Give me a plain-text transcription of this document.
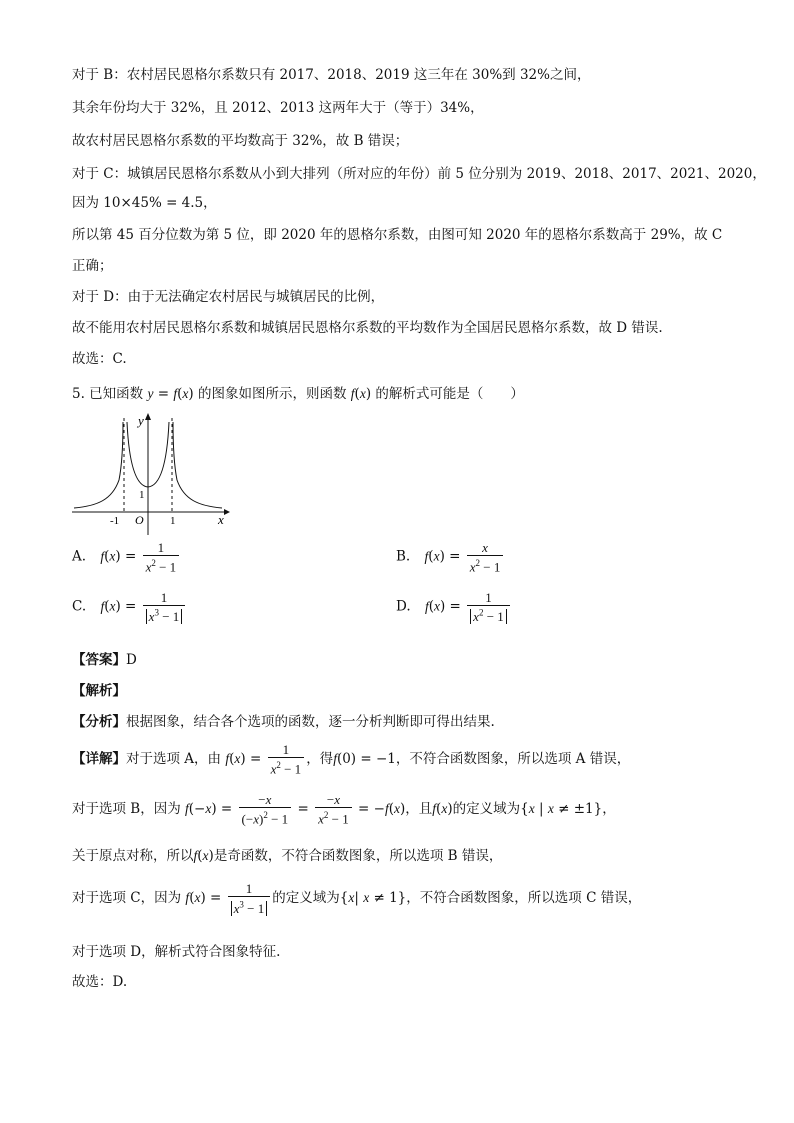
对于 B：农村居民恩格尔系数只有 2017、2018、2019 这三年在 30%到 32%之间，
其余年份均大于 32%，且 2012、2013 这两年大于（等于）34%，
故农村居民恩格尔系数的平均数高于 32%，故 B 错误；
对于 C：城镇居民恩格尔系数从小到大排列（所对应的年份）前 5 位分别为 2019、2018、2017、2021、2020，
因为 10×45% = 4.5，
所以第 45 百分位数为第 5 位，即 2020 年的恩格尔系数，由图可知 2020 年的恩格尔系数高于 29%，故 C
正确；
对于 D：由于无法确定农村居民与城镇居民的比例，
故不能用农村居民恩格尔系数和城镇居民恩格尔系数的平均数作为全国居民恩格尔系数，故 D 错误.
故选：C.
5. 已知函数 y = f(x) 的图象如图所示，则函数 f(x) 的解析式可能是（　　）
y
x
O
-1	1
1
A. $f(x) = \frac{1}{x^2 - 1}$	B. $f(x) = \frac{x}{x^2 - 1}$
C. $f(x) = \frac{1}{x^3 - 1}$	D. $f(x) = \frac{1}{x^2 - 1}$
【答案】D
【解析】
【分析】根据图象，结合各个选项的函数，逐一分析判断即可得出结果.
【详解】对于选项 A，由 $f(x) = \frac{1}{x^2 - 1}$ ，得f(0) = −1，不符合函数图象，所以选项 A 错误，
对于选项 B，因为 $f(-x) = \frac{-x}{(-x)^2 - 1} = \frac{-x}{x^2 - 1} = -f(x)$，且f(x)的定义域为{x | x ≠ ±1}，
关于原点对称，所以f(x)是奇函数，不符合函数图象，所以选项 B 错误，
对于选项 C，因为 $f(x) = \frac{1}{x^3 - 1}$ 的定义域为{x| x ≠ 1}，不符合函数图象，所以选项 C 错误，
对于选项 D，解析式符合图象特征.
故选：D.
